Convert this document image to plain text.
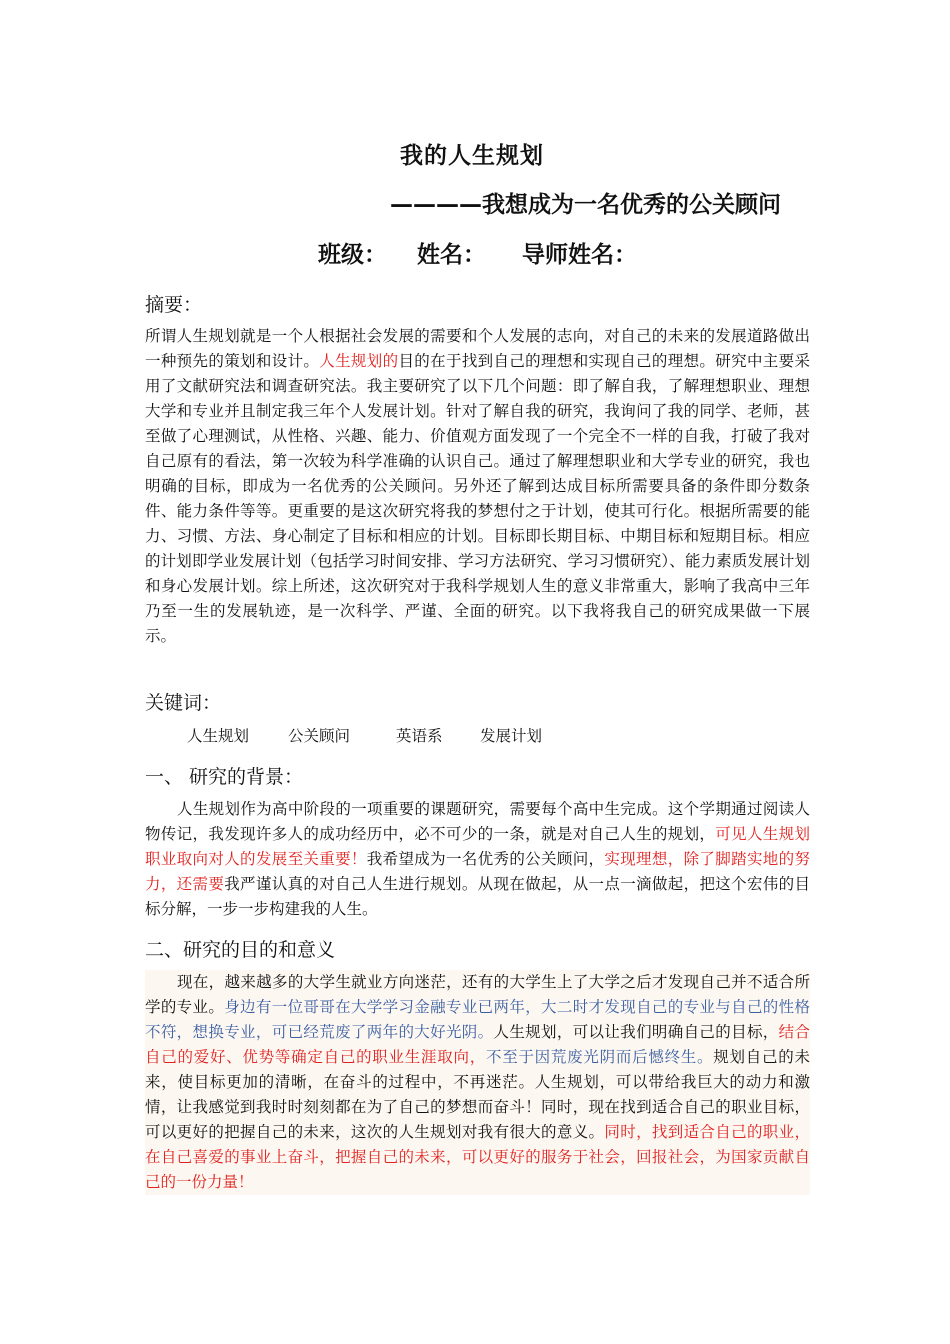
我的人生规划
————我想成为一名优秀的公关顾问
班级： 姓名： 导师姓名：
摘要：
所谓人生规划就是一个人根据社会发展的需要和个人发展的志向，对自己的未来的发展道路做出一种预先的策划和设计。人生规划的目的在于找到自己的理想和实现自己的理想。研究中主要采用了文献研究法和调查研究法。我主要研究了以下几个问题：即了解自我，了解理想职业、理想大学和专业并且制定我三年个人发展计划。针对了解自我的研究，我询问了我的同学、老师，甚至做了心理测试，从性格、兴趣、能力、价值观方面发现了一个完全不一样的自我，打破了我对自己原有的看法，第一次较为科学准确的认识自己。通过了解理想职业和大学专业的研究，我也明确的目标，即成为一名优秀的公关顾问。另外还了解到达成目标所需要具备的条件即分数条件、能力条件等等。更重要的是这次研究将我的梦想付之于计划，使其可行化。根据所需要的能力、习惯、方法、身心制定了目标和相应的计划。目标即长期目标、中期目标和短期目标。相应的计划即学业发展计划（包括学习时间安排、学习方法研究、学习习惯研究）、能力素质发展计划和身心发展计划。综上所述，这次研究对于我科学规划人生的意义非常重大，影响了我高中三年乃至一生的发展轨迹，是一次科学、严谨、全面的研究。以下我将我自己的研究成果做一下展示。
关键词：
人生规划	公关顾问	英语系 发展计划
一、 研究的背景：
人生规划作为高中阶段的一项重要的课题研究，需要每个高中生完成。这个学期通过阅读人物传记，我发现许多人的成功经历中，必不可少的一条，就是对自己人生的规划，可见人生规划职业取向对人的发展至关重要！我希望成为一名优秀的公关顾问，实现理想，除了脚踏实地的努力，还需要我严谨认真的对自己人生进行规划。从现在做起，从一点一滴做起，把这个宏伟的目标分解，一步一步构建我的人生。
二、研究的目的和意义
现在，越来越多的大学生就业方向迷茫，还有的大学生上了大学之后才发现自己并不适合所学的专业。身边有一位哥哥在大学学习金融专业已两年，大二时才发现自己的专业与自己的性格不符，想换专业，可已经荒废了两年的大好光阴。人生规划，可以让我们明确自己的目标，结合自己的爱好、优势等确定自己的职业生涯取向，不至于因荒废光阴而后憾终生。规划自己的未来，使目标更加的清晰，在奋斗的过程中，不再迷茫。人生规划，可以带给我巨大的动力和激情，让我感觉到我时时刻刻都在为了自己的梦想而奋斗！同时，现在找到适合自己的职业目标，可以更好的把握自己的未来，这次的人生规划对我有很大的意义。同时，找到适合自己的职业，在自己喜爱的事业上奋斗，把握自己的未来，可以更好的服务于社会，回报社会，为国家贡献自己的一份力量！
